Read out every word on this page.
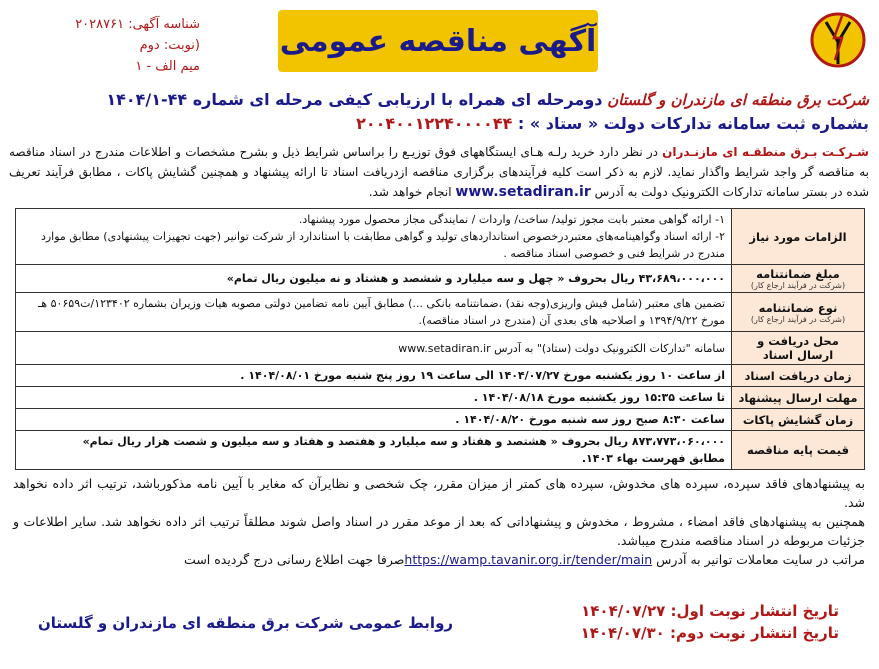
آگهی مناقصه عمومی
شناسه آگهی: ۲۰۲۸۷۶۱
(نوبت: دوم
میم الف - ۱
شرکت برق منطقه ای مازندران و گلستان دومرحله ای همراه با ارزیابی کیفی مرحله ای شماره ۴۴-۱۴۰۴/۱
بشماره ثبت سامانه تدارکات دولت « ستاد » : ۲۰۰۴۰۰۱۲۲۴۰۰۰۰۴۴
شـرکـت بـرق منطقـه ای مازنـدران در نظر دارد خرید رلـه هـای ایستگاههای فوق توزیـع را براساس شرایط ذیل و بشرح مشخصات و اطلاعات مندرج در اسناد مناقصه به مناقصه گر واجد شرایط واگذار نماید. لازم به ذکر است کلیه فرآیندهای برگزاری مناقصه ازدریافت اسناد تا ارائه پیشنهاد و همچنین گشایش پاکات ، مطابق فرآیند تعریف شده در بستر سامانه تدارکات الکترونیک دولت به آدرس www.setadiran.ir انجام خواهد شد.
الزامات مورد نیاز	۱- ارائه گواهی معتبر بابت مجوز تولید/ ساخت/ واردات / نمایندگی مجاز محصول مورد پیشنهاد.
۲- ارائه اسناد وگواهینامه‌های معتبردرخصوص استانداردهای تولید و گواهی مطابقت با استاندارد از شرکت توانیر (جهت تجهیزات پیشنهادی) مطابق موارد مندرج در شرایط فنی و خصوصی اسناد مناقصه .

مبلغ ضمانتنامه
(شرکت در فرآیند ارجاع کار)	۴۳،۶۸۹،۰۰۰،۰۰۰ ریال بحروف « چهل و سه میلیارد و ششصد و هشتاد و نه میلیون ریال تمام»

نوع ضمانتنامه
(شرکت در فرآیند ارجاع کار)	تضمین های معتبر (شامل فیش واریزی(وجه نقد) ،ضمانتنامه بانکی ...) مطابق آیین نامه تضامین دولتی مصوبه هیات وزیران بشماره ۱۲۳۴۰۲/ت۵۰۶۵۹ هـ مورخ ۱۳۹۴/۹/۲۲ و اصلاحیه های بعدی آن (مندرج در اسناد مناقصه).

محل دریافت و ارسال اسناد	سامانه "تدارکات الکترونیک دولت (ستاد)" به آدرس www.setadiran.ir

زمان دریافت اسناد	از ساعت ۱۰ روز یکشنبه مورخ ۱۴۰۴/۰۷/۲۷ الی ساعت ۱۹ روز پنج شنبه مورخ ۱۴۰۴/۰۸/۰۱ .

مهلت ارسال پیشنهاد	تا ساعت ۱۵:۳۵ روز یکشنبه مورخ ۱۴۰۴/۰۸/۱۸ .

زمان گشایش پاکات	ساعت ۸:۳۰ صبح روز سه شنبه مورخ ۱۴۰۴/۰۸/۲۰ .

قیمت پایه مناقصه	۸۷۳،۷۷۳،۰۶۰،۰۰۰ ریال بحروف « هشتصد و هفتاد و سه میلیارد و هفتصد و هفتاد و سه میلیون و شصت هزار ریال تمام»
مطابق فهرست بهاء ۱۴۰۳.

به پیشنهادهای فاقد سپرده، سپرده های مخدوش، سپرده های کمتر از میزان مقرر، چک شخصی و نظایرآن که مغایر با آیین نامه مذکورباشد، ترتیب اثر داده نخواهد شد.

همچنین به پیشنهادهای فاقد امضاء ، مشروط ، مخدوش و پیشنهاداتی که بعد از موعد مقرر در اسناد واصل شوند مطلقاً ترتیب اثر داده نخواهد شد. سایر اطلاعات و جزئیات مربوطه در اسناد مناقصه مندرج میباشد.

مراتب در سایت معاملات توانیر به آدرس https://wamp.tavanir.org.ir/tender/mainصرفا جهت اطلاع رسانی درج گردیده است

تاریخ انتشار نوبت اول: ۱۴۰۴/۰۷/۲۷
تاریخ انتشار نوبت دوم: ۱۴۰۴/۰۷/۳۰
روابط عمومی شرکت برق منطقه ای مازندران و گلستان
